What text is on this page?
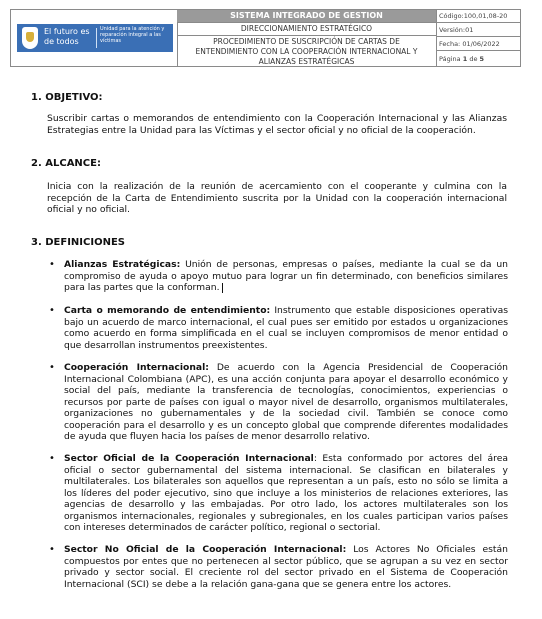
El futuro es de todos
Unidad para la atención y reparación integral a las víctimas
SISTEMA INTEGRADO DE GESTION
DIRECCIONAMIENTO ESTRATÉGICO
PROCEDIMIENTO DE SUSCRIPCIÓN DE CARTAS DE ENTENDIMIENTO CON LA COOPERACIÓN INTERNACIONAL Y ALIANZAS ESTRATÉGICAS
Código:100,01,08-20
Versión:01
Fecha: 01/06/2022
Página 1 de 5
1. OBJETIVO:
Suscribir cartas o memorandos de entendimiento con la Cooperación Internacional y las Alianzas Estrategias entre la Unidad para las Víctimas y el sector oficial y no oficial de la cooperación.
2. ALCANCE:
Inicia con la realización de la reunión de acercamiento con el cooperante y culmina con la recepción de la Carta de Entendimiento suscrita por la Unidad con la cooperación internacional oficial y no oficial.
3. DEFINICIONES
• Alianzas Estratégicas: Unión de personas, empresas o países, mediante la cual se da un compromiso de ayuda o apoyo mutuo para lograr un fin determinado, con beneficios similares para las partes que la conforman.
• Carta o memorando de entendimiento: Instrumento que estable disposiciones operativas bajo un acuerdo de marco internacional, el cual pues ser emitido por estados u organizaciones como acuerdo en forma simplificada en el cual se incluyen compromisos de menor entidad o que desarrollan instrumentos preexistentes.
• Cooperación Internacional: De acuerdo con la Agencia Presidencial de Cooperación Internacional Colombiana (APC), es una acción conjunta para apoyar el desarrollo económico y social del país, mediante la transferencia de tecnologías, conocimientos, experiencias o recursos por parte de países con igual o mayor nivel de desarrollo, organismos multilaterales, organizaciones no gubernamentales y de la sociedad civil. También se conoce como cooperación para el desarrollo y es un concepto global que comprende diferentes modalidades de ayuda que fluyen hacia los países de menor desarrollo relativo.
• Sector Oficial de la Cooperación Internacional: Esta conformado por actores del área oficial o sector gubernamental del sistema internacional. Se clasifican en bilaterales y multilaterales. Los bilaterales son aquellos que representan a un país, esto no sólo se limita a los líderes del poder ejecutivo, sino que incluye a los ministerios de relaciones exteriores, las agencias de desarrollo y las embajadas. Por otro lado, los actores multilaterales son los organismos internacionales, regionales y subregionales, en los cuales participan varios países con intereses determinados de carácter político, regional o sectorial.
• Sector No Oficial de la Cooperación Internacional: Los Actores No Oficiales están compuestos por entes que no pertenecen al sector público, que se agrupan a su vez en sector privado y sector social. El creciente rol del sector privado en el Sistema de Cooperación Internacional (SCI) se debe a la relación gana-gana que se genera entre los actores.
